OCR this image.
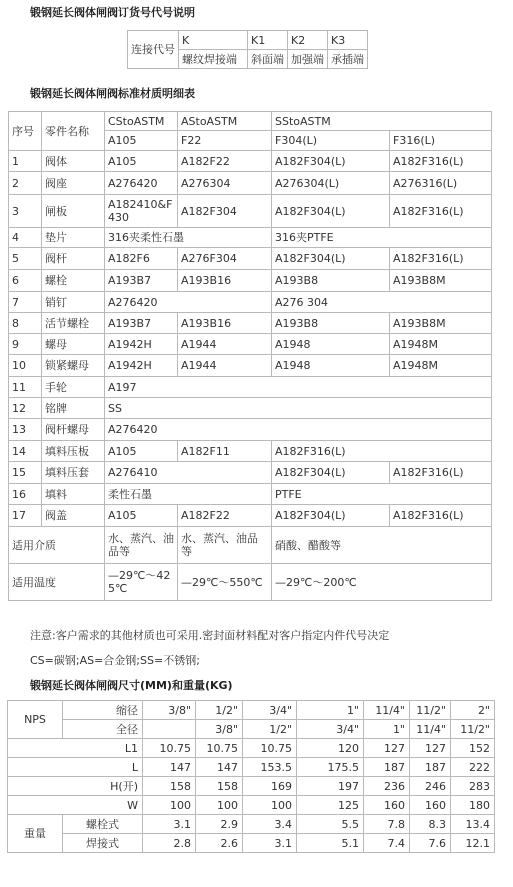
锻钢延长阀体闸阀订货号代号说明

连接代号	K	K1	K2	K3
	螺纹焊接端	斜面端	加强端	承插端

锻钢延长阀体闸阀标准材质明细表

序号	零件名称	CStoASTM	AStoASTM	SStoASTM	
		A105	F22	F304(L)	F316(L)
1	阀体	A105	A182F22	A182F304(L)	A182F316(L)
2	阀座	A276420	A276304	A276304(L)	A276316(L)
3	闸板	A182410&F430	A182F304	A182F304(L)	A182F316(L)
4	垫片	316夹柔性石墨		316夹PTFE	
5	阀杆	A182F6	A276F304	A182F304(L)	A182F316(L)
6	螺栓	A193B7	A193B16	A193B8	A193B8M
7	销钉	A276420		A276 304	
8	活节螺栓	A193B7	A193B16	A193B8	A193B8M
9	螺母	A1942H	A1944	A1948	A1948M
10	锁紧螺母	A1942H	A1944	A1948	A1948M
11	手轮	A197			
12	铭牌	SS			
13	阀杆螺母	A276420			
14	填料压板	A105	A182F11	A182F316(L)	
15	填料压套	A276410		A182F304(L)	A182F316(L)
16	填料	柔性石墨		PTFE	
17	阀盖	A105	A182F22	A182F304(L)	A182F316(L)
适用介质		水、蒸汽、油品等	水、蒸汽、油品等	硝酸、醋酸等	
适用温度		—29℃～425℃	—29℃～550℃	—29℃～200℃	

注意:客户需求的其他材质也可采用.密封面材料配对客户指定内件代号决定

CS=碳钢;AS=合金钢;SS=不锈钢;

锻钢延长阀体闸阀尺寸(MM)和重量(KG)

NPS	缩径	3/8"	1/2"	3/4"	1"	11/4"	11/2"	2"
	全径		3/8"	1/2"	3/4"	1"	11/4"	11/2"
L1		10.75	10.75	10.75	120	127	127	152
L		147	147	153.5	175.5	187	187	222
H(开)		158	158	169	197	236	246	283
W		100	100	100	125	160	160	180
重量	螺栓式	3.1	2.9	3.4	5.5	7.8	8.3	13.4
	焊接式	2.8	2.6	3.1	5.1	7.4	7.6	12.1
